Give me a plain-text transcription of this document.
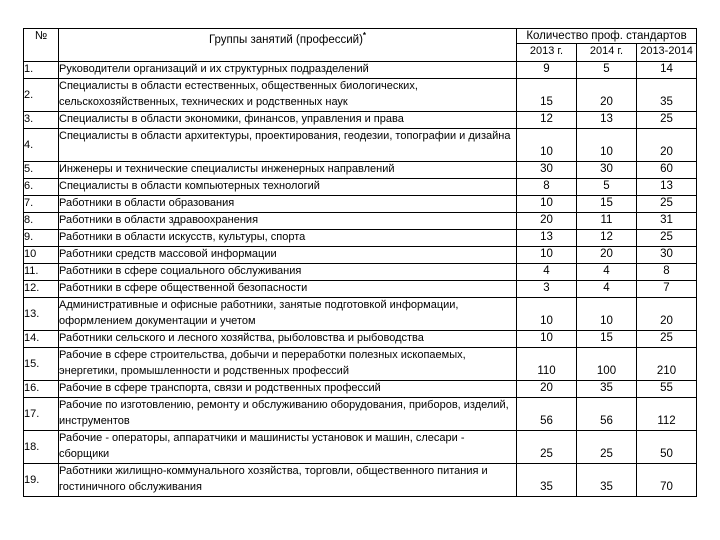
№	Группы занятий (профессий)*	Количество проф. стандартов		
		2013 г.	2014 г.	2013-2014
1.	Руководители организаций и их структурных подразделений	9	5	14
2.	Специалисты в области естественных, общественных биологических, сельскохозяйственных, технических и родственных наук	15	20	35
3.	Специалисты в области экономики, финансов, управления и права	12	13	25
4.	Специалисты в области архитектуры, проектирования, геодезии, топографии и дизайна	10	10	20
5.	Инженеры и технические специалисты инженерных направлений	30	30	60
6.	Специалисты в области компьютерных технологий	8	5	13
7.	Работники в области образования	10	15	25
8.	Работники в области здравоохранения	20	11	31
9.	Работники в области искусств, культуры, спорта	13	12	25
10	Работники средств массовой информации	10	20	30
11.	Работники в сфере социального обслуживания	4	4	8
12.	Работники в сфере общественной безопасности	3	4	7
13.	Административные и офисные работники, занятые подготовкой информации, оформлением документации и учетом	10	10	20
14.	Работники сельского и лесного хозяйства, рыболовства и рыбоводства	10	15	25
15.	Рабочие в сфере строительства, добычи и переработки полезных ископаемых, энергетики, промышленности и родственных профессий	110	100	210
16.	Рабочие в сфере транспорта, связи и родственных профессий	20	35	55
17.	Рабочие по изготовлению, ремонту и обслуживанию оборудования, приборов, изделий, инструментов	56	56	112
18.	Рабочие - операторы, аппаратчики и машинисты установок и машин, слесари - сборщики	25	25	50
19.	Работники жилищно-коммунального хозяйства, торговли, общественного питания и гостиничного обслуживания	35	35	70
